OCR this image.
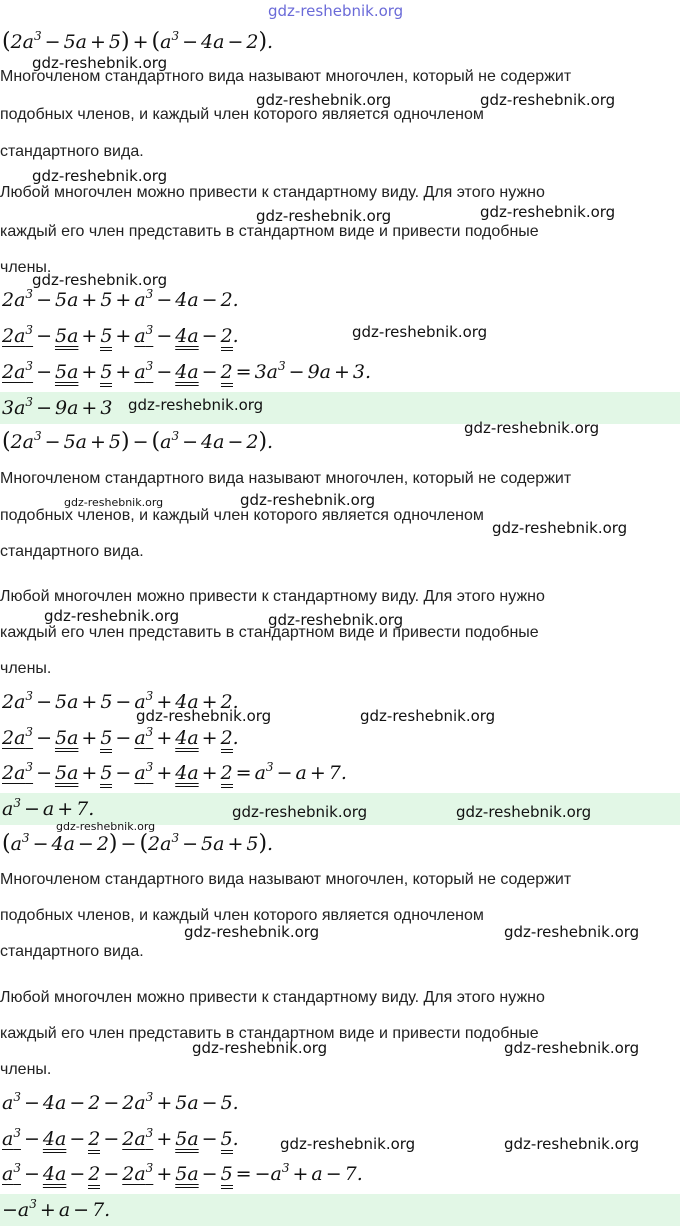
$(2a^3 - 5a + 5) + (a^3 - 4a - 2)$.
Многочленом стандартного вида называют многочлен, который не содержит
подобных членов, и каждый член которого является одночленом
стандартного вида.
Любой многочлен можно привести к стандартному виду. Для этого нужно
каждый его член представить в стандартном виде и привести подобные
члены.
$2a^3 - 5a + 5 + a^3 - 4a - 2$.
$2a^3 - 5a + 5 + a^3 - 4a - 2$.
$2a^3 - 5a + 5 + a^3 - 4a - 2 = 3a^3 - 9a + 3$.
$3a^3 - 9a + 3$
$(2a^3 - 5a + 5) - (a^3 - 4a - 2)$.
Многочленом стандартного вида называют многочлен, который не содержит
подобных членов, и каждый член которого является одночленом
стандартного вида.
Любой многочлен можно привести к стандартному виду. Для этого нужно
каждый его член представить в стандартном виде и привести подобные
члены.
$2a^3 - 5a + 5 - a^3 + 4a + 2$.
$2a^3 - 5a + 5 - a^3 + 4a + 2$.
$2a^3 - 5a + 5 - a^3 + 4a + 2 = a^3 - a + 7$.
$a^3 - a + 7$.
$(a^3 - 4a - 2) - (2a^3 - 5a + 5)$.
Многочленом стандартного вида называют многочлен, который не содержит
подобных членов, и каждый член которого является одночленом
стандартного вида.
Любой многочлен можно привести к стандартному виду. Для этого нужно
каждый его член представить в стандартном виде и привести подобные
члены.
$a^3 - 4a - 2 - 2a^3 + 5a - 5$.
$a^3 - 4a - 2 - 2a^3 + 5a - 5$.
$a^3 - 4a - 2 - 2a^3 + 5a - 5 = -a^3 + a - 7$.
$-a^3 + a - 7$.
gdz-reshebnik.org
gdz-reshebnik.org
gdz-reshebnik.org	gdz-reshebnik.org
gdz-reshebnik.org
gdz-reshebnik.org	gdz-reshebnik.org
gdz-reshebnik.org
gdz-reshebnik.org
gdz-reshebnik.org
gdz-reshebnik.org
gdz-reshebnik.org	gdz-reshebnik.org
gdz-reshebnik.org
gdz-reshebnik.org	gdz-reshebnik.org
gdz-reshebnik.org	gdz-reshebnik.org
gdz-reshebnik.org	gdz-reshebnik.org
gdz-reshebnik.org
gdz-reshebnik.org	gdz-reshebnik.org
gdz-reshebnik.org	gdz-reshebnik.org
gdz-reshebnik.org	gdz-reshebnik.org
